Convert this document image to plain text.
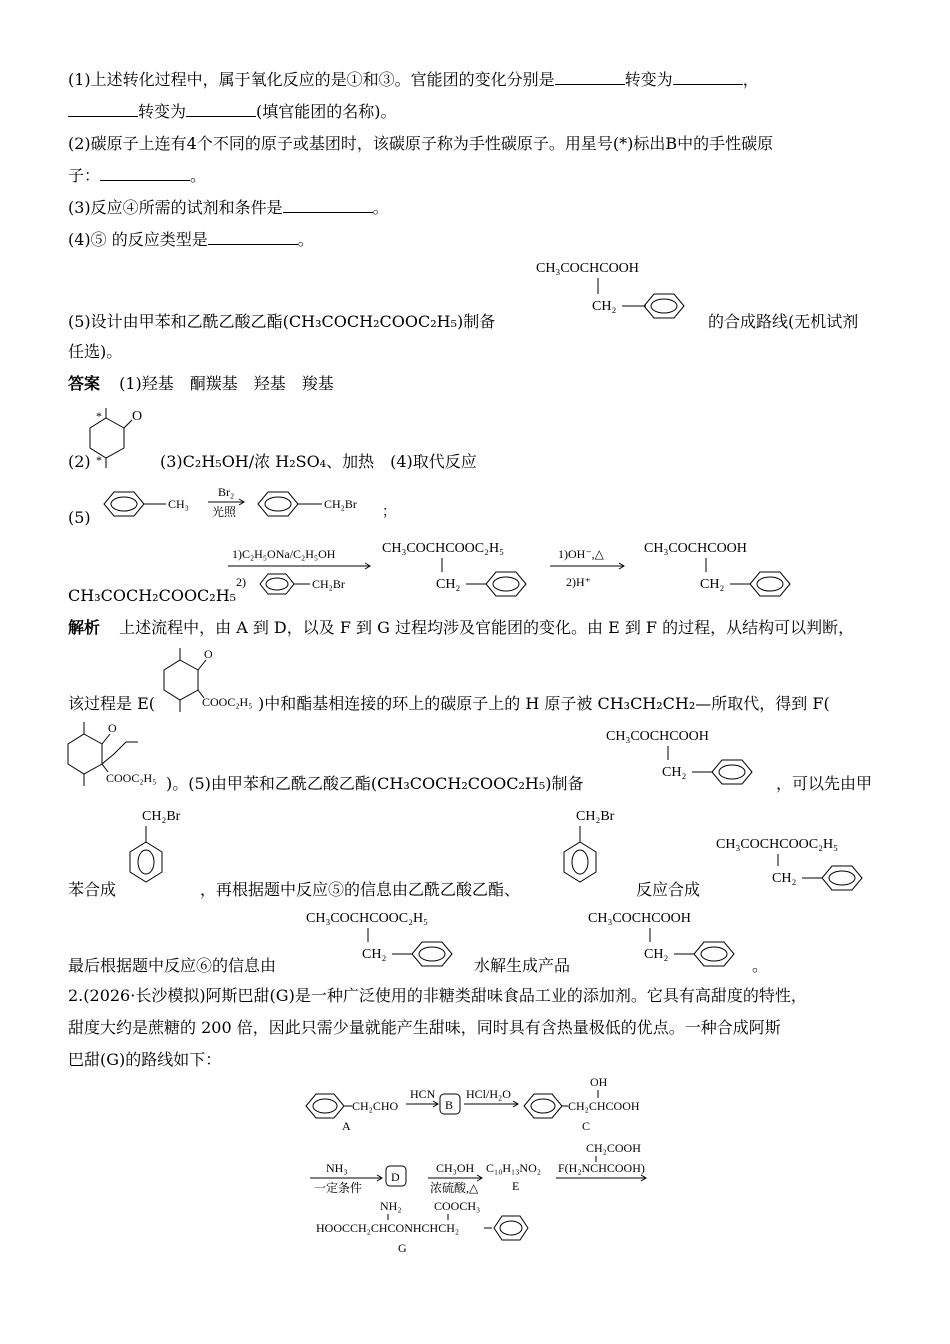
(1)上述转化过程中，属于氧化反应的是①和③。官能团的变化分别是	转变为	，
转变为	(填官能团的名称)。
(2)碳原子上连有4个不同的原子或基团时，该碳原子称为手性碳原子。用星号(*)标出B中的手性碳原
子：	。
(3)反应④所需的试剂和条件是	。
(4)⑤ 的反应类型是	。
(5)设计由甲苯和乙酰乙酸乙酯(CH₃COCH₂COOC₂H₅)制备
CH₃COCHCOOH
CH₂
的合成路线(无机试剂
任选)。
答案 (1)羟基　酮羰基　羟基　羧基
(2)
O
*
*	(3)C₂H₅OH/浓 H₂SO₄、加热　(4)取代反应
(5)
CH₃
Br₂
光照
CH₂Br
；
CH₃COCH₂COOC₂H₅
1)C₂H₅ONa/C₂H₅OH
2)	CH₂Br
CH₃COCHCOOC₂H₅
CH₂
1)OH⁻,△
2)H⁺
CH₃COCHCOOH
CH₂
解析 上述流程中，由 A 到 D，以及 F 到 G 过程均涉及官能团的变化。由 E 到 F 的过程，从结构可以判断，
该过程是 E(
O
COOC₂H₅ )中和酯基相连接的环上的碳原子上的 H 原子被 CH₃CH₂CH₂—所取代，得到 F(
O
COOC₂H₅ )。(5)由甲苯和乙酰乙酸乙酯(CH₃COCH₂COOC₂H₅)制备
CH₃COCHCOOH
CH₂
，可以先由甲
苯合成
CH₂Br
，再根据题中反应⑤的信息由乙酰乙酸乙酯、
CH₂Br
反应合成
CH₃COCHCOOC₂H₅
CH₂
最后根据题中反应⑥的信息由
CH₃COCHCOOC₂H₅
CH₂
水解生成产品
CH₃COCHCOOH
CH₂
。
2.(2026·长沙模拟)阿斯巴甜(G)是一种广泛使用的非糖类甜味食品工业的添加剂。它具有高甜度的特性，
甜度大约是蔗糖的 200 倍，因此只需少量就能产生甜味，同时具有含热量极低的优点。一种合成阿斯
巴甜(G)的路线如下：
CH₂CHO
A
HCN
B
HCl/H₂O
OH
CH₂CHCOOH
C
NH₃
一定条件
D
CH₃OH
浓硫酸,△
C₁₀H₁₃NO₂
E
CH₂COOH
F(H₂NCHCOOH)
NH₂	COOCH₃
HOOCCH₂CHCONHCHCH₂
G
